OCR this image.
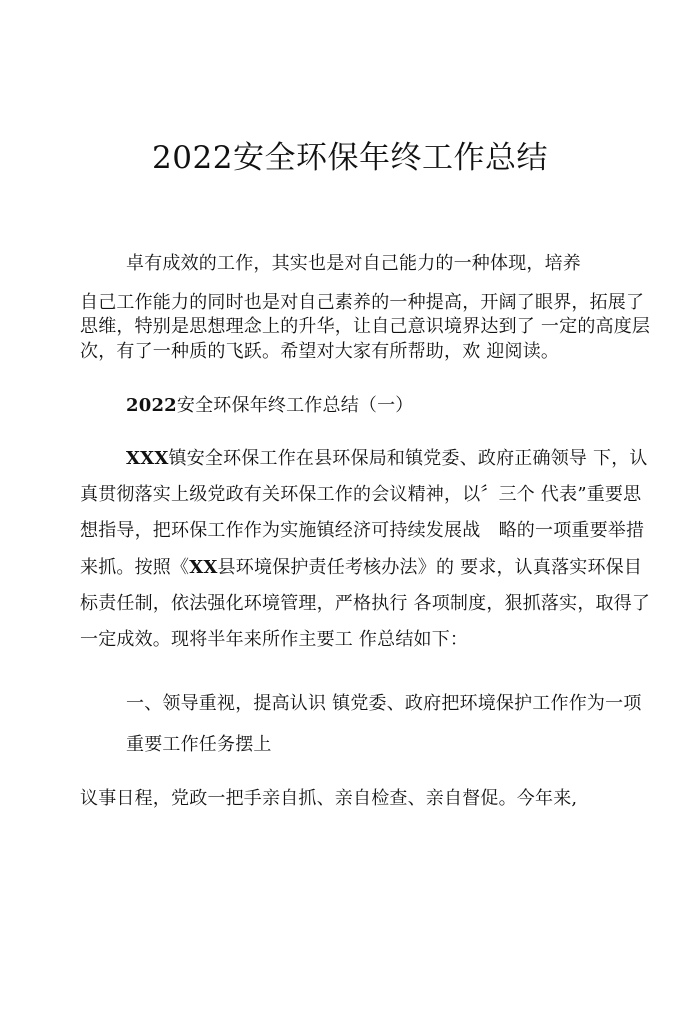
2022安全环保年终工作总结
卓有成效的工作，其实也是对自己能力的一种体现，培养
自己工作能力的同时也是对自己素养的一种提高，开阔了眼界，拓展了
思维，特别是思想理念上的升华，让自己意识境界达到了 一定的高度层
次，有了一种质的飞跃。希望对大家有所帮助，欢 迎阅读。
2022安全环保年终工作总结（一）
XXX镇安全环保工作在县环保局和镇党委、政府正确领导 下，认
真贯彻落实上级党政有关环保工作的会议精神，以〞三个 代表”重要思
想指导，把环保工作作为实施镇经济可持续发展战　略的一项重要举措
来抓。按照《XX县环境保护责任考核办法》的 要求，认真落实环保目
标责任制，依法强化环境管理，严格执行 各项制度，狠抓落实，取得了
一定成效。现将半年来所作主要工 作总结如下：
一、领导重视，提高认识 镇党委、政府把环境保护工作作为一项
重要工作任务摆上
议事日程，党政一把手亲自抓、亲自检查、亲自督促。今年来,
